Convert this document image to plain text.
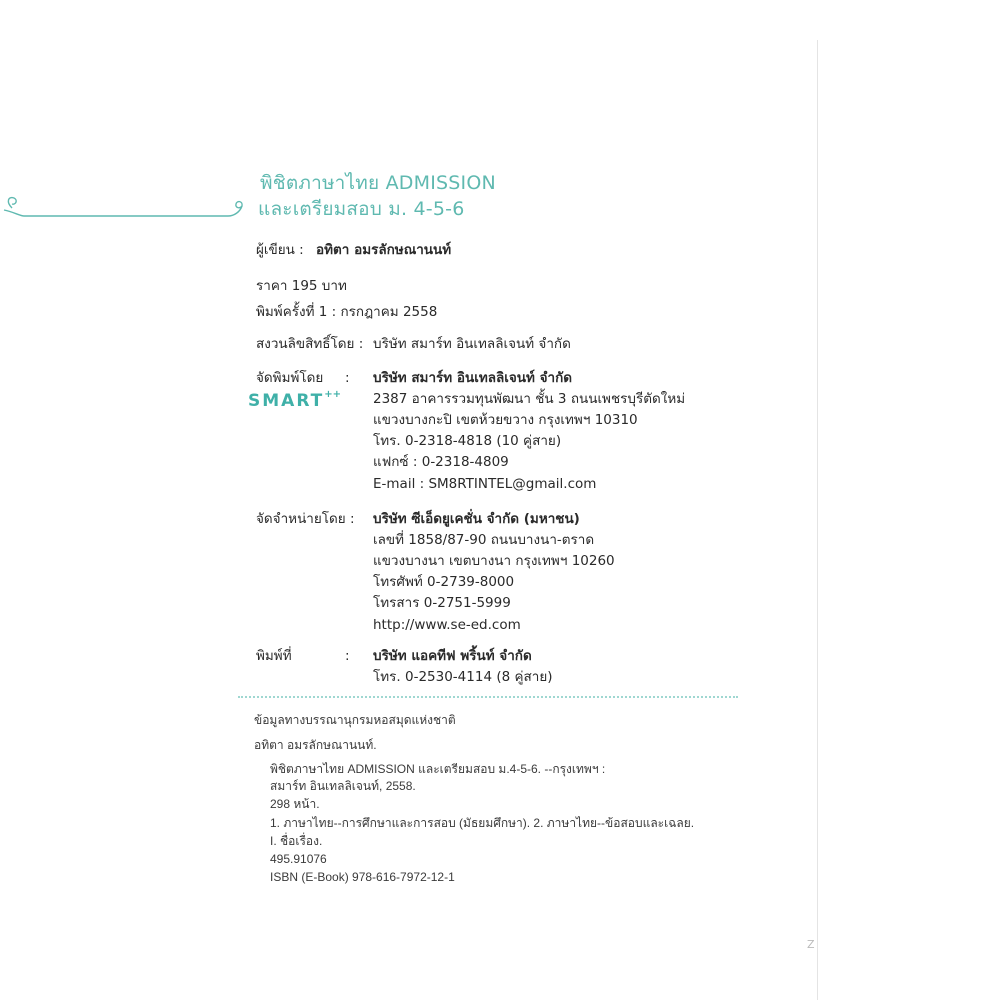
Z
พิชิตภาษาไทย ADMISSION
และเตรียมสอบ ม. 4-5-6
ผู้เขียน : อทิตา อมรลักษณานนท์
ราคา 195 บาท
พิมพ์ครั้งที่ 1 : กรกฎาคม 2558
สงวนลิขสิทธิ์โดย : บริษัท สมาร์ท อินเทลลิเจนท์ จำกัด
จัดพิมพ์โดย : บริษัท สมาร์ท อินเทลลิเจนท์ จำกัด
SMART++ 2387 อาคารรวมทุนพัฒนา ชั้น 3 ถนนเพชรบุรีตัดใหม่
แขวงบางกะปิ เขตห้วยขวาง กรุงเทพฯ 10310
โทร. 0-2318-4818 (10 คู่สาย)
แฟกซ์ : 0-2318-4809
E-mail : SM8RTINTEL@gmail.com
จัดจำหน่ายโดย : บริษัท ซีเอ็ดยูเคชั่น จำกัด (มหาชน)
เลขที่ 1858/87-90 ถนนบางนา-ตราด
แขวงบางนา เขตบางนา กรุงเทพฯ 10260
โทรศัพท์ 0-2739-8000
โทรสาร 0-2751-5999
http://www.se-ed.com
พิมพ์ที่	: บริษัท แอคทีฟ พริ้นท์ จำกัด
โทร. 0-2530-4114 (8 คู่สาย)
ข้อมูลทางบรรณานุกรมหอสมุดแห่งชาติ
อทิตา อมรลักษณานนท์.
พิชิตภาษาไทย ADMISSION และเตรียมสอบ ม.4-5-6. --กรุงเทพฯ :
สมาร์ท อินเทลลิเจนท์, 2558.
298 หน้า.
1. ภาษาไทย--การศึกษาและการสอบ (มัธยมศึกษา). 2. ภาษาไทย--ข้อสอบและเฉลย.
I. ชื่อเรื่อง.
495.91076
ISBN (E-Book) 978-616-7972-12-1
